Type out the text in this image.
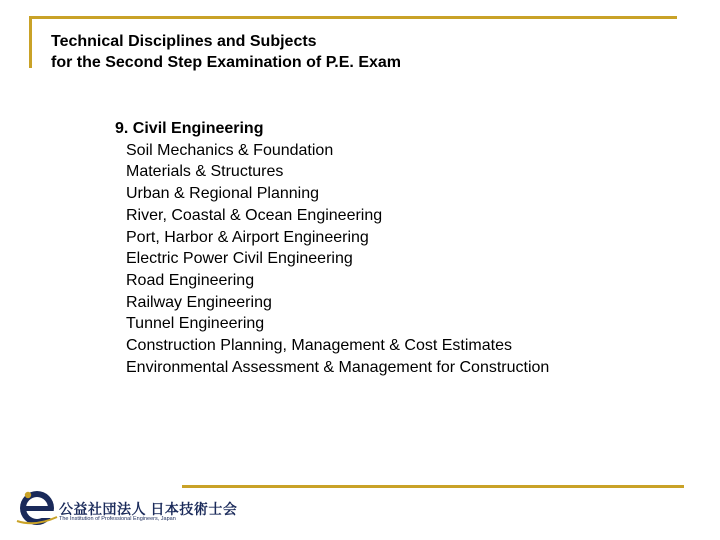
Technical Disciplines and Subjects
for the Second Step Examination of P.E. Exam

9. Civil Engineering

Soil Mechanics & Foundation
Materials & Structures
Urban & Regional Planning
River, Coastal & Ocean Engineering
Port, Harbor & Airport Engineering
Electric Power Civil Engineering
Road Engineering
Railway Engineering
Tunnel Engineering
Construction Planning, Management & Cost Estimates
Environmental Assessment & Management for Construction
公益社団法人 日本技術士会
The Institution of Professional Engineers, Japan
